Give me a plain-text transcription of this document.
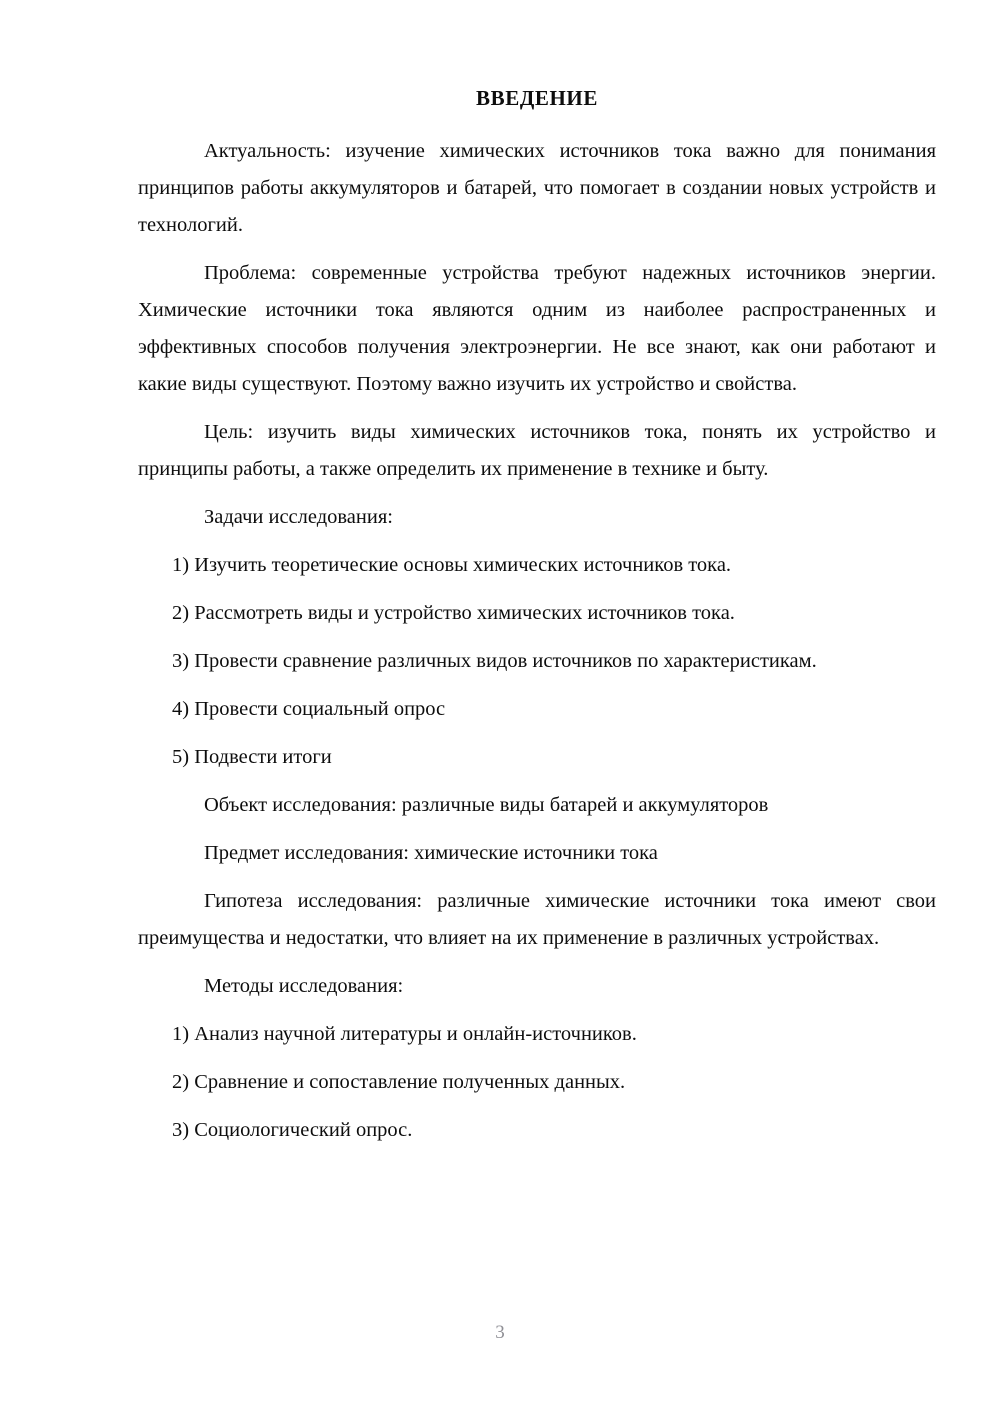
ВВЕДЕНИЕ

Актуальность: изучение химических источников тока важно для понимания принципов работы аккумуляторов и батарей, что помогает в создании новых устройств и технологий.

Проблема: современные устройства требуют надежных источников энергии. Химические источники тока являются одним из наиболее распространенных и эффективных способов получения электроэнергии. Не все знают, как они работают и какие виды существуют. Поэтому важно изучить их устройство и свойства.

Цель: изучить виды химических источников тока, понять их устройство и принципы работы, а также определить их применение в технике и быту.

Задачи исследования:

1) Изучить теоретические основы химических источников тока.

2) Рассмотреть виды и устройство химических источников тока.

3) Провести сравнение различных видов источников по характеристикам.

4) Провести социальный опрос

5) Подвести итоги

Объект исследования: различные виды батарей и аккумуляторов

Предмет исследования: химические источники тока

Гипотеза исследования: различные химические источники тока имеют свои преимущества и недостатки, что влияет на их применение в различных устройствах.

Методы исследования:

1) Анализ научной литературы и онлайн-источников.

2) Сравнение и сопоставление полученных данных.

3) Социологический опрос.

3
